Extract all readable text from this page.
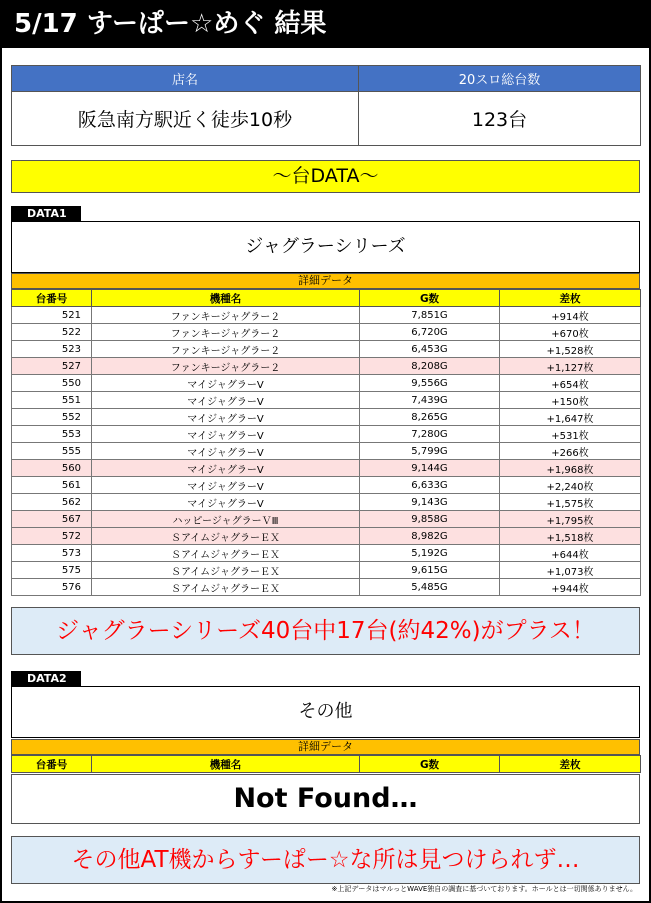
5/17 すーぱー☆めぐ 結果
店名	20スロ総台数
阪急南方駅近く徒歩10秒	123台
～台DATA～
DATA1
ジャグラーシリーズ
詳細データ
台番号	機種名	G数	差枚
521	ファンキージャグラー２	7,851G	+914枚
522	ファンキージャグラー２	6,720G	+670枚
523	ファンキージャグラー２	6,453G	+1,528枚
527	ファンキージャグラー２	8,208G	+1,127枚
550	マイジャグラーV	9,556G	+654枚
551	マイジャグラーV	7,439G	+150枚
552	マイジャグラーV	8,265G	+1,647枚
553	マイジャグラーV	7,280G	+531枚
555	マイジャグラーV	5,799G	+266枚
560	マイジャグラーV	9,144G	+1,968枚
561	マイジャグラーV	6,633G	+2,240枚
562	マイジャグラーV	9,143G	+1,575枚
567	ハッピージャグラーＶⅢ	9,858G	+1,795枚
572	ＳアイムジャグラーＥＸ	8,982G	+1,518枚
573	ＳアイムジャグラーＥＸ	5,192G	+644枚
575	ＳアイムジャグラーＥＸ	9,615G	+1,073枚
576	ＳアイムジャグラーＥＸ	5,485G	+944枚
ジャグラーシリーズ40台中17台(約42%)がプラス！
DATA2
その他
詳細データ
台番号	機種名	G数	差枚
Not Found…
その他AT機からすーぱー☆な所は見つけられず…
※上記データはマルっとWAVE独自の調査に基づいております。ホールとは一切関係ありません。
